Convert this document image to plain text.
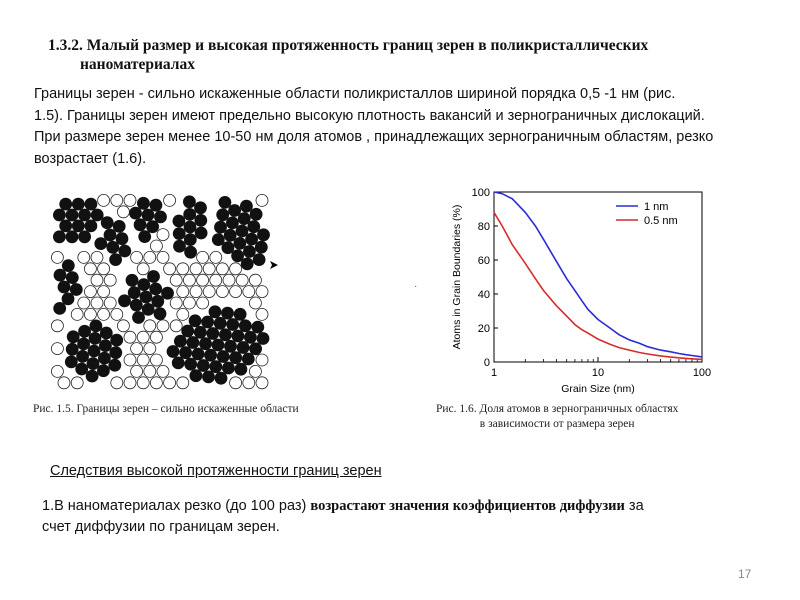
1.3.2. Малый размер и высокая протяженность границ зерен в поликристаллических
наноматериалах
Границы зерен - сильно искаженные области поликристаллов шириной порядка 0,5 -1 нм (рис.
1.5). Границы зерен имеют предельно высокую плотность вакансий и зернограничных дислокаций.
При размере зерен менее 10-50 нм доля атомов , принадлежащих зернограничным областям, резко
возрастает (1.6).
·
0
20
40
60
80
100
1	10	100
Grain Size (nm)
Atoms in Grain Boundaries (%)	1 nm
0.5 nm
Рис. 1.5. Границы зерен – сильно искаженные области	Рис. 1.6. Доля атомов в зернограничных областях
в зависимости от размера зерен
Следствия высокой протяженности границ зерен
1.В наноматериалах резко (до 100 раз) возрастают значения коэффициентов диффузии за
счет диффузии по границам зерен.
17
